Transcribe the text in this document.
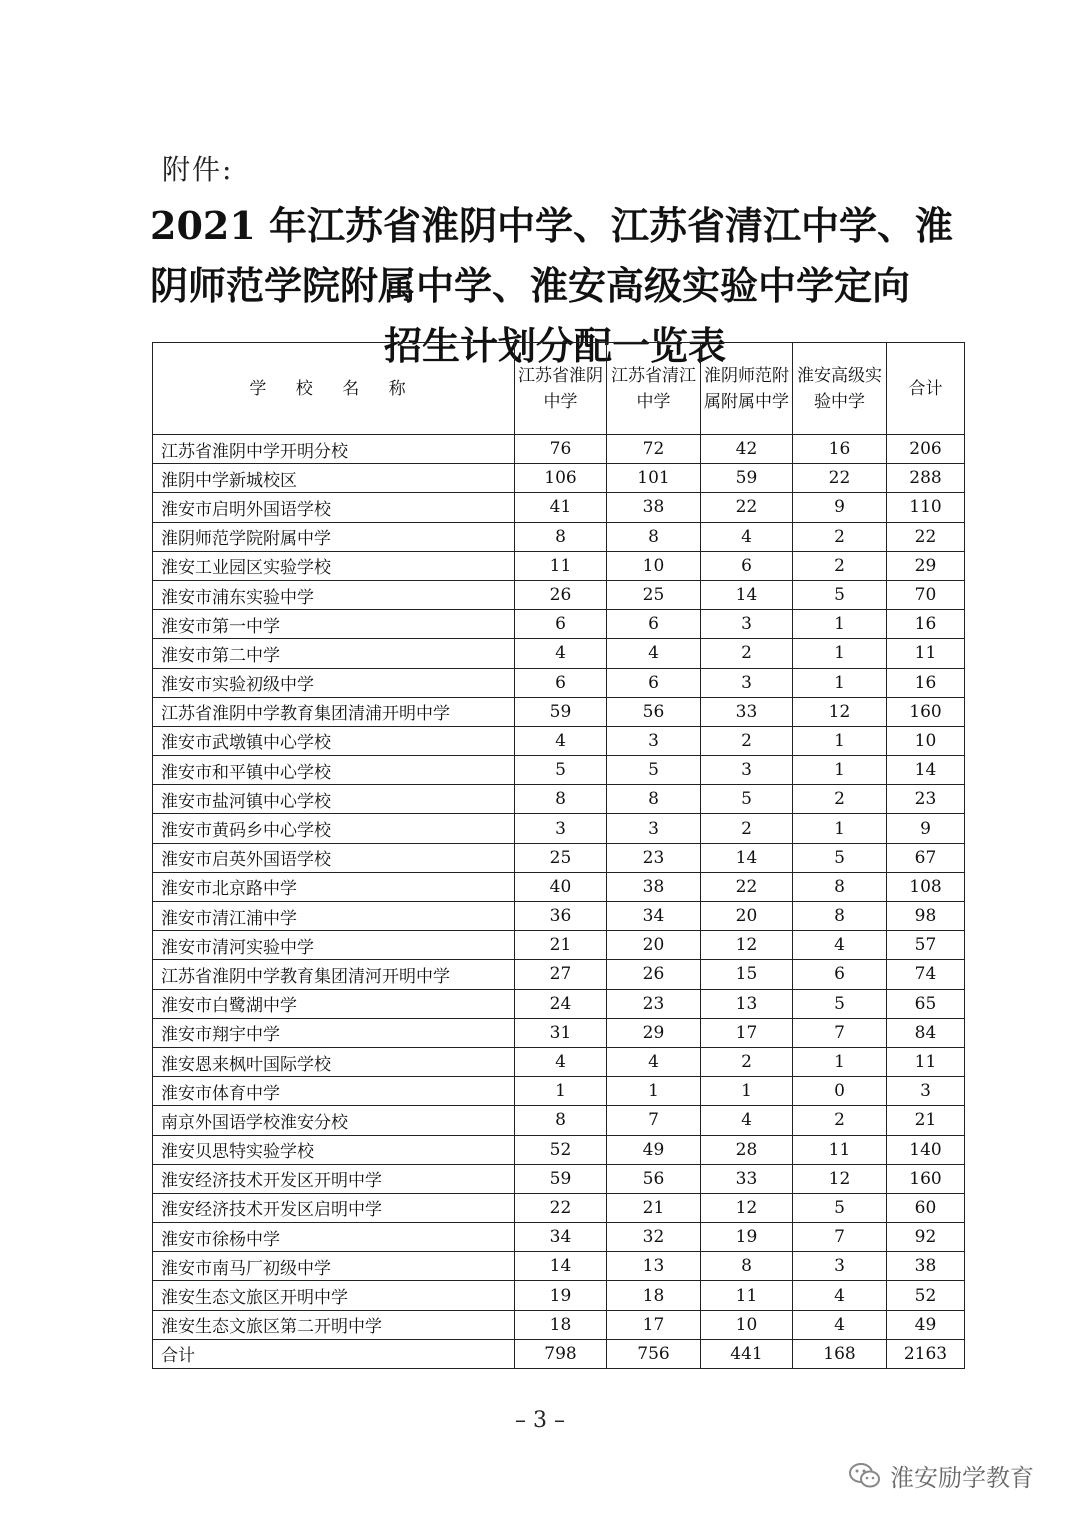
附件:
2021 年江苏省淮阴中学、江苏省清江中学、淮
阴师范学院附属中学、淮安高级实验中学定向
招生计划分配一览表
学 校 名 称	江苏省淮阴中学	江苏省清江中学	淮阴师范附属附属中学	淮安高级实验中学	合计
江苏省淮阴中学开明分校	76	72	42	16	206
淮阴中学新城校区	106	101	59	22	288
淮安市启明外国语学校	41	38	22	9	110
淮阴师范学院附属中学	8	8	4	2	22
淮安工业园区实验学校	11	10	6	2	29
淮安市浦东实验中学	26	25	14	5	70
淮安市第一中学	6	6	3	1	16
淮安市第二中学	4	4	2	1	11
淮安市实验初级中学	6	6	3	1	16
江苏省淮阴中学教育集团清浦开明中学	59	56	33	12	160
淮安市武墩镇中心学校	4	3	2	1	10
淮安市和平镇中心学校	5	5	3	1	14
淮安市盐河镇中心学校	8	8	5	2	23
淮安市黄码乡中心学校	3	3	2	1	9
淮安市启英外国语学校	25	23	14	5	67
淮安市北京路中学	40	38	22	8	108
淮安市清江浦中学	36	34	20	8	98
淮安市清河实验中学	21	20	12	4	57
江苏省淮阴中学教育集团清河开明中学	27	26	15	6	74
淮安市白鹭湖中学	24	23	13	5	65
淮安市翔宇中学	31	29	17	7	84
淮安恩来枫叶国际学校	4	4	2	1	11
淮安市体育中学	1	1	1	0	3
南京外国语学校淮安分校	8	7	4	2	21
淮安贝思特实验学校	52	49	28	11	140
淮安经济技术开发区开明中学	59	56	33	12	160
淮安经济技术开发区启明中学	22	21	12	5	60
淮安市徐杨中学	34	32	19	7	92
淮安市南马厂初级中学	14	13	8	3	38
淮安生态文旅区开明中学	19	18	11	4	52
淮安生态文旅区第二开明中学	18	17	10	4	49
合计	798	756	441	168	2163
– 3 –
淮安励学教育
